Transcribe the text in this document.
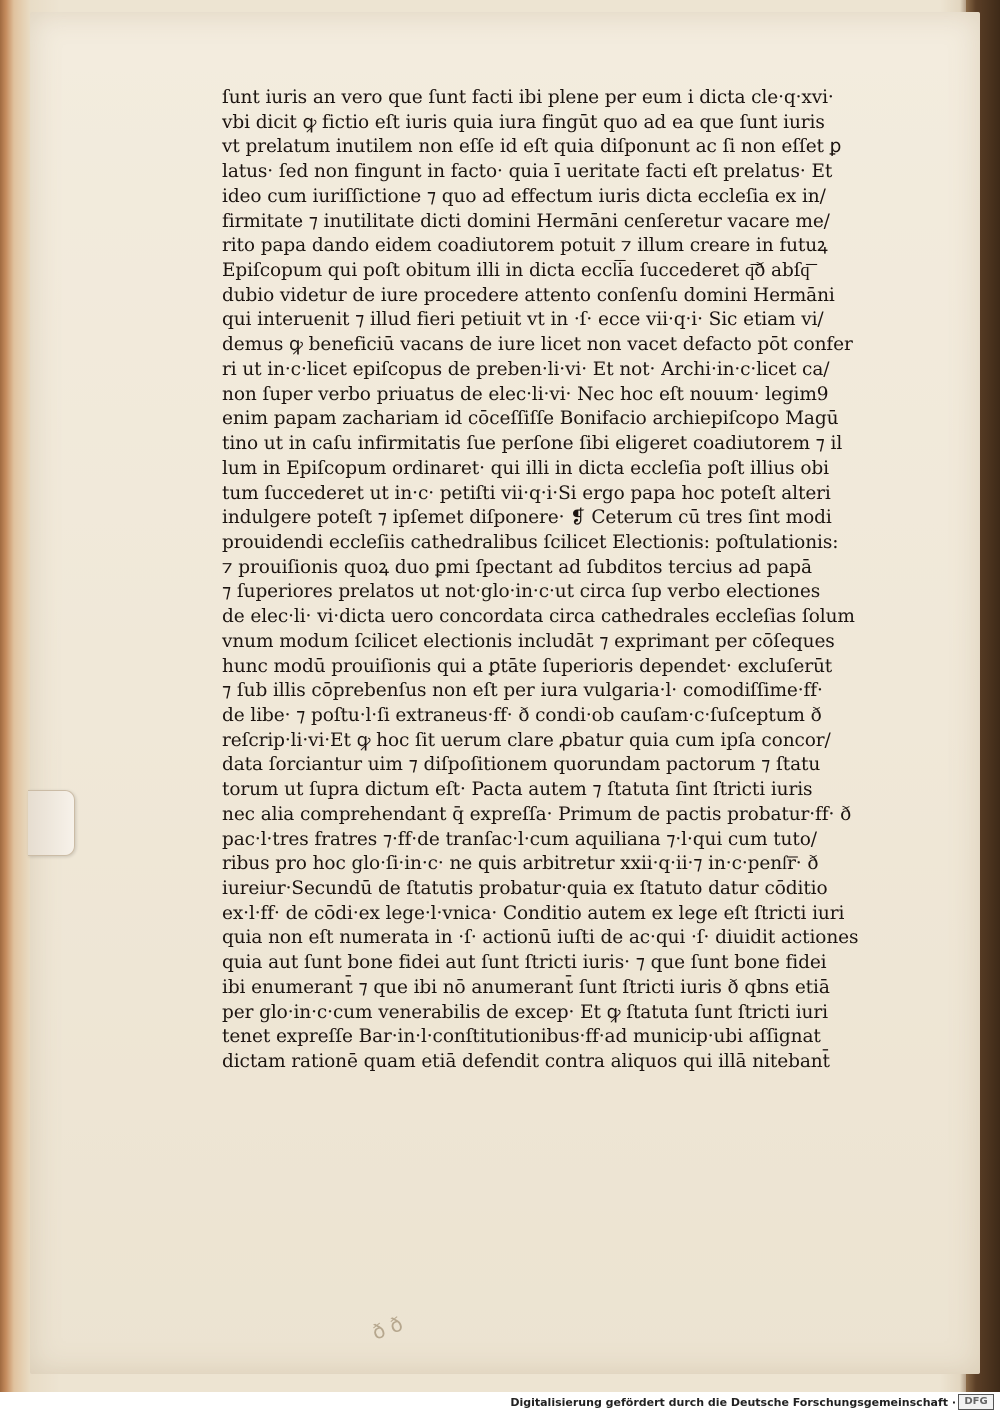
ſunt iuris an vero que ſunt facti ibi plene per eum i dicta cle·q·xvi·
vbi dicit ꝙ fictio eſt iuris quia iura fingūt quo ad ea que ſunt iuris
vt prelatum inutilem non eſſe id eſt quia diſponunt ac ſi non eſſet ꝑ
latus· ſed non fingunt in facto· quia ī ueritate facti eſt prelatus· Et
ideo cum iuriſſictione ⁊ quo ad effectum iuris dicta eccleſia ex in/
firmitate ⁊ inutilitate dicti domini Hermāni cenſeretur vacare me/
rito papa dando eidem coadiutorem potuit ⁊ illum creare in futuꝝ
Epiſcopum qui poſt obitum illi in dicta eccl͞ia ſuccederet q͞ð abſq͞
dubio videtur de iure procedere attento conſenſu domini Hermāni
qui interuenit ⁊ illud fieri petiuit vt in ·ſ· ecce vii·q·i· Sic etiam vi/
demus ꝙ beneficiū vacans de iure licet non vacet defacto pōt confer
ri ut in·c·licet epiſcopus de preben·li·vi· Et not· Archi·in·c·licet ca/
non ſuper verbo priuatus de elec·li·vi· Nec hoc eſt nouum· legim9
enim papam zachariam id cōceſſiſſe Bonifacio archiepiſcopo Magū
tino ut in caſu infirmitatis ſue perſone ſibi eligeret coadiutorem ⁊ il
lum in Epiſcopum ordinaret· qui illi in dicta eccleſia poſt illius obi
tum ſuccederet ut in·c· petiſti vii·q·i·Si ergo papa hoc poteſt alteri
indulgere poteſt ⁊ ipſemet diſponere· ❡ Ceterum cū tres ſint modi
prouidendi eccleſiis cathedralibus ſcilicet Electionis: poſtulationis:
⁊ prouiſionis quoꝝ duo ꝑmi ſpectant ad ſubditos tercius ad papā
⁊ ſuperiores prelatos ut not·glo·in·c·ut circa ſup verbo electiones
de elec·li· vi·dicta uero concordata circa cathedrales eccleſias ſolum
vnum modum ſcilicet electionis includāt ⁊ exprimant per cōſeques
hunc modū prouiſionis qui a ꝑtāte ſuperioris dependet· excluſerūt
⁊ ſub illis cōprebenſus non eſt per iura vulgaria·l· comodiſſime·ff·
de libe· ⁊ poſtu·l·ſi extraneus·ff· ð condi·ob cauſam·c·ſuſceptum ð
reſcrip·li·vi·Et ꝙ hoc ſit uerum clare ꝓbatur quia cum ipſa concor/
data ſorciantur uim ⁊ diſpoſitionem quorundam pactorum ⁊ ſtatu
torum ut ſupra dictum eſt· Pacta autem ⁊ ſtatuta ſint ſtricti iuris
nec alia comprehendant q̄ expreſſa· Primum de pactis probatur·ff· ð
pac·l·tres fratres ⁊·ff·de tranſac·l·cum aquiliana ⁊·l·qui cum tuto/
ribus pro hoc glo·ſi·in·c· ne quis arbitretur xxii·q·ii·⁊ in·c·penſ͞r· ð
iureiur·Secundū de ſtatutis probatur·quia ex ſtatuto datur cōditio
ex·l·ff· de cōdi·ex lege·l·vnica· Conditio autem ex lege eſt ſtricti iuri
quia non eſt numerata in ·ſ· actionū iuſti de ac·qui ·ſ· diuidit actiones
quia aut ſunt bone fidei aut ſunt ſtricti iuris· ⁊ que ſunt bone fidei
ibi enumerant̄ ⁊ que ibi nō anumerant̄ ſunt ſtricti iuris ð qbns etiā
per glo·in·c·cum venerabilis de excep· Et ꝙ ſtatuta ſunt ſtricti iuri
tenet expreſſe Bar·in·l·conſtitutionibus·ff·ad municip·ubi aſſignat
dictam rationē quam etiā defendit contra aliquos qui illā nitebant̄
ð ð
Digitalisierung gefördert durch die Deutsche Forschungsgemeinschaft · DFG
